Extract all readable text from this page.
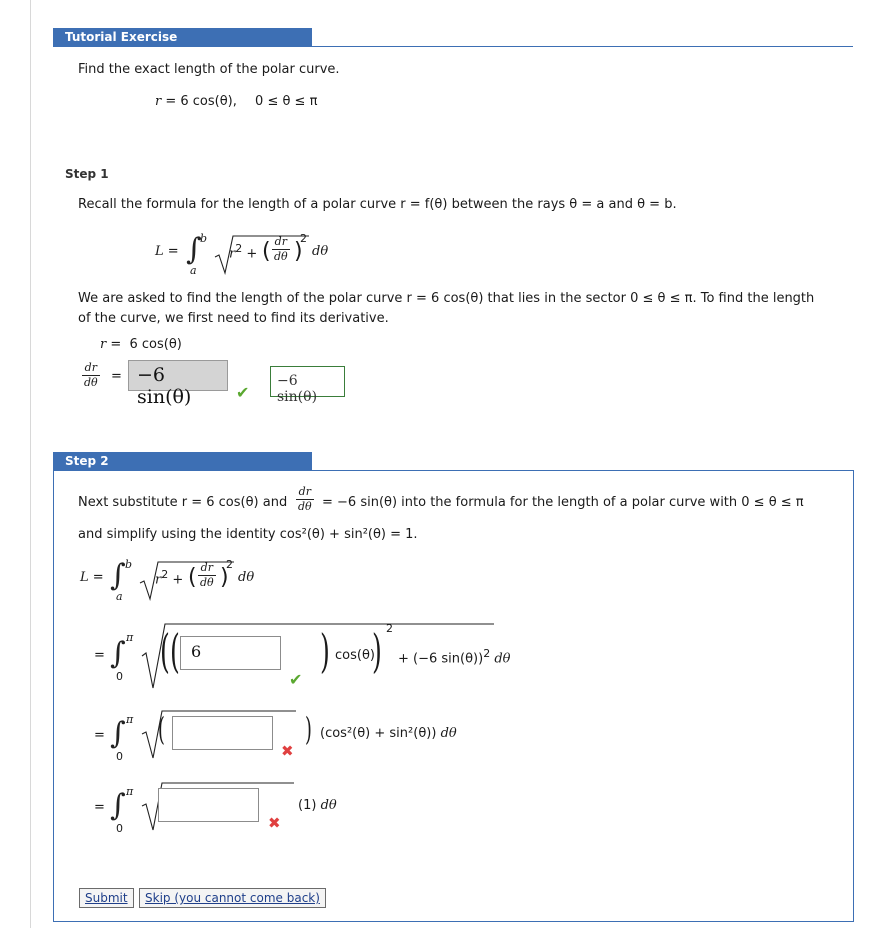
Tutorial Exercise
Find the exact length of the polar curve.
r = 6 cos(θ), 0 ≤ θ ≤ π
Step 1
Recall the formula for the length of a polar curve r = f(θ) between the rays θ = a and θ = b.
L = ∫
b
a
$r^2$ + ( $\frac{dr}{d\theta}$ )
2
dθ
We are asked to find the length of the polar curve r = 6 cos(θ) that lies in the sector 0 ≤ θ ≤ π. To find the length
of the curve, we first need to find its derivative.
r =  6 cos(θ)
$\frac{dr}{d\theta} = -6$ sin(θ)	✔
−6 sin(θ)
Step 2
Next substitute r = 6 cos(θ) and $\frac{dr}{d\theta} = -6$ sin(θ) into the formula for the length of a polar curve with 0 ≤ θ ≤ π
and simplify using the identity cos²(θ) + sin²(θ) = 1.
L = ∫ b
a
$r^2$ + ( $\frac{dr}{d\theta}$ )
2
dθ
= ∫ π
0 ( ( 6
✔
) cos(θ)
) 2
+ (−6 sin(θ))$^2$ dθ
= ∫ π
0
(
✖
) (cos²(θ) + sin²(θ)) dθ
= ∫ π
0	✖
(1) dθ
Submit	Skip (you cannot come back)
